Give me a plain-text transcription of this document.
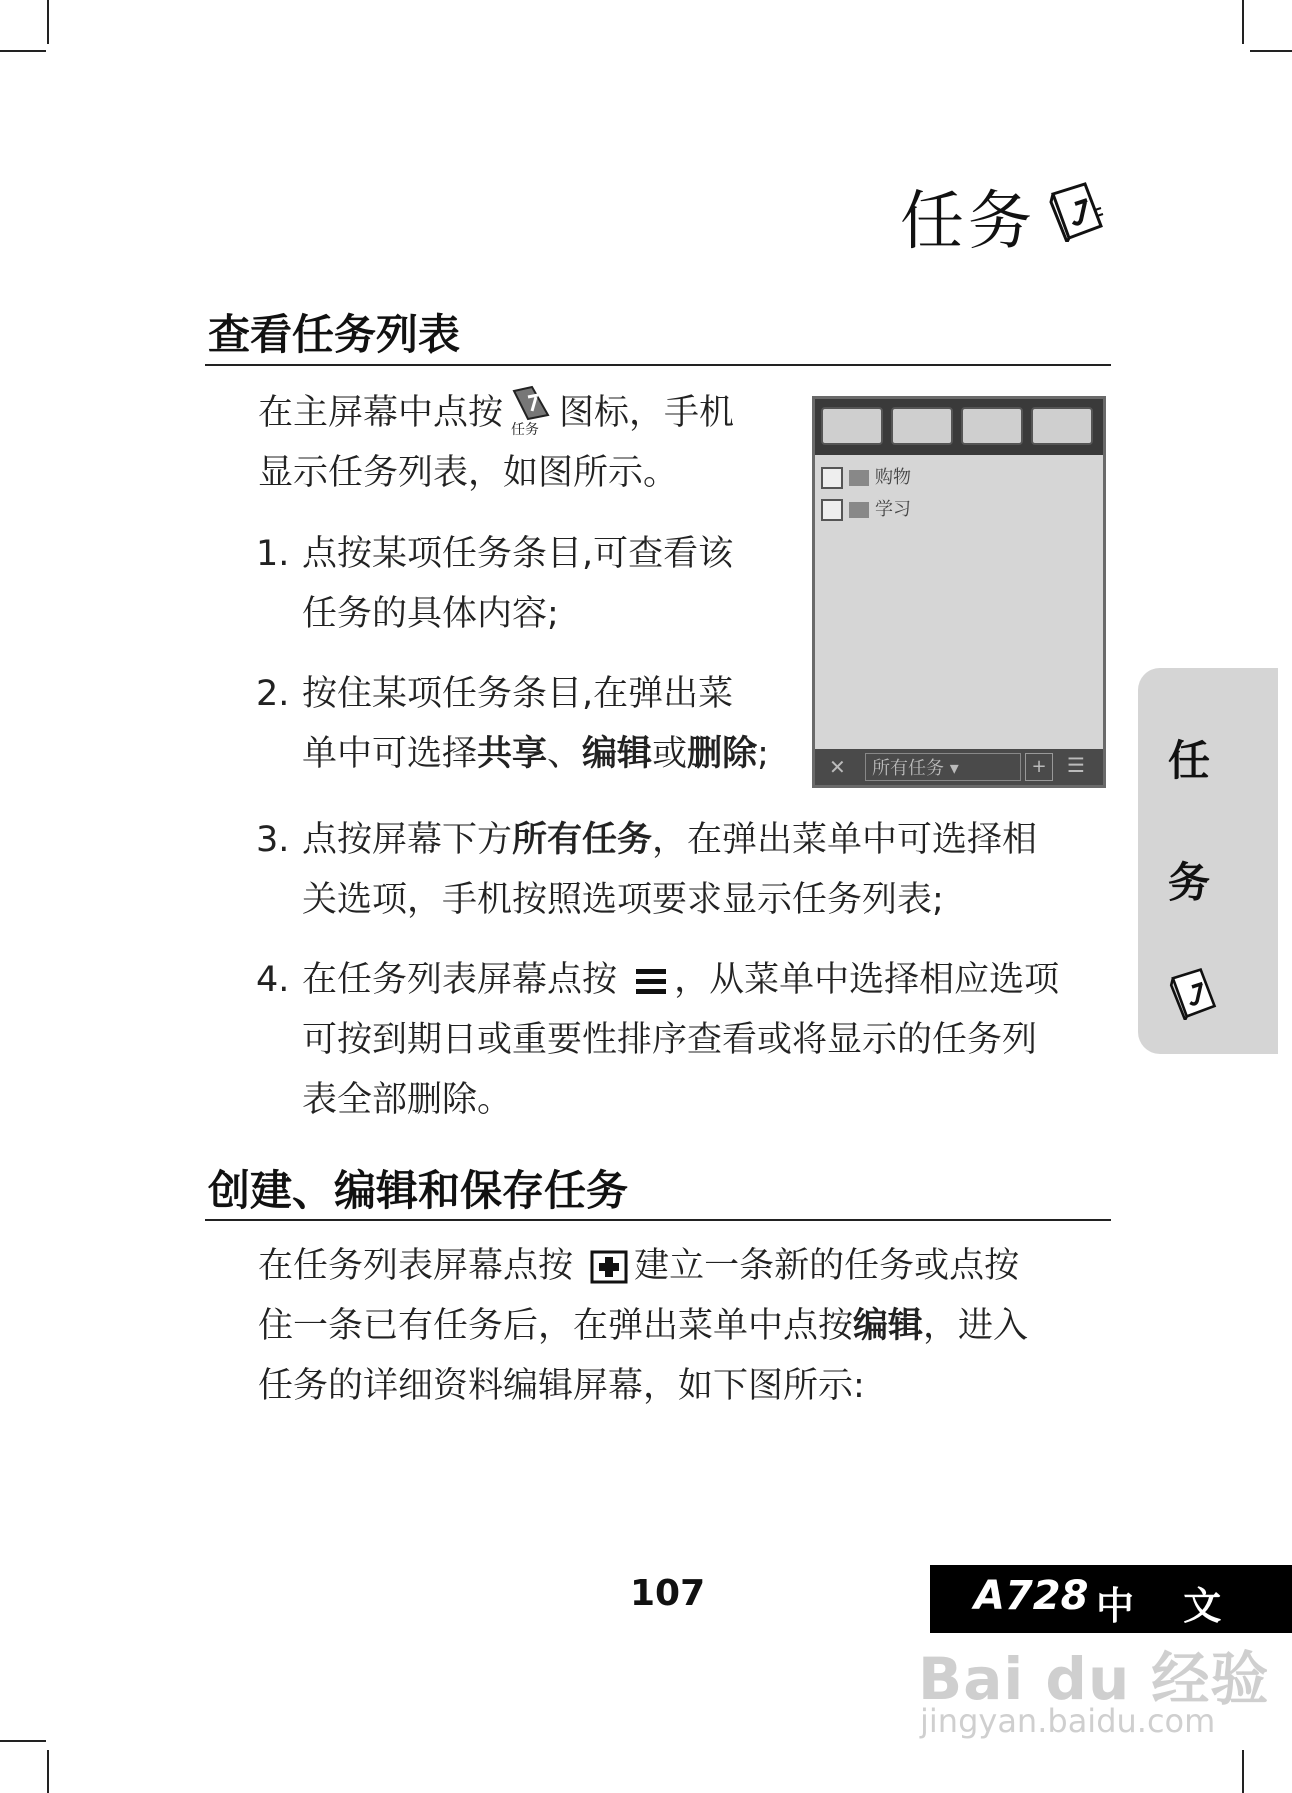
任务
查看任务列表
在主屏幕中点按 任务 图标，手机
显示任务列表，如图所示。
1. 点按某项任务条目,可查看该
任务的具体内容;
2. 按住某项任务条目,在弹出菜
单中可选择共享、编辑或删除;
购物
学习
✕	所有任务 ▾	+	☰
3. 点按屏幕下方所有任务，在弹出菜单中可选择相
关选项，手机按照选项要求显示任务列表;
4. 在任务列表屏幕点按 ，从菜单中选择相应选项
可按到期日或重要性排序查看或将显示的任务列
表全部删除。
创建、编辑和保存任务
在任务列表屏幕点按 建立一条新的任务或点按
住一条已有任务后，在弹出菜单中点按编辑，进入
任务的详细资料编辑屏幕，如下图所示:
任
务
107	A728 中 文
Bai du 经验
jingyan.baidu.com
